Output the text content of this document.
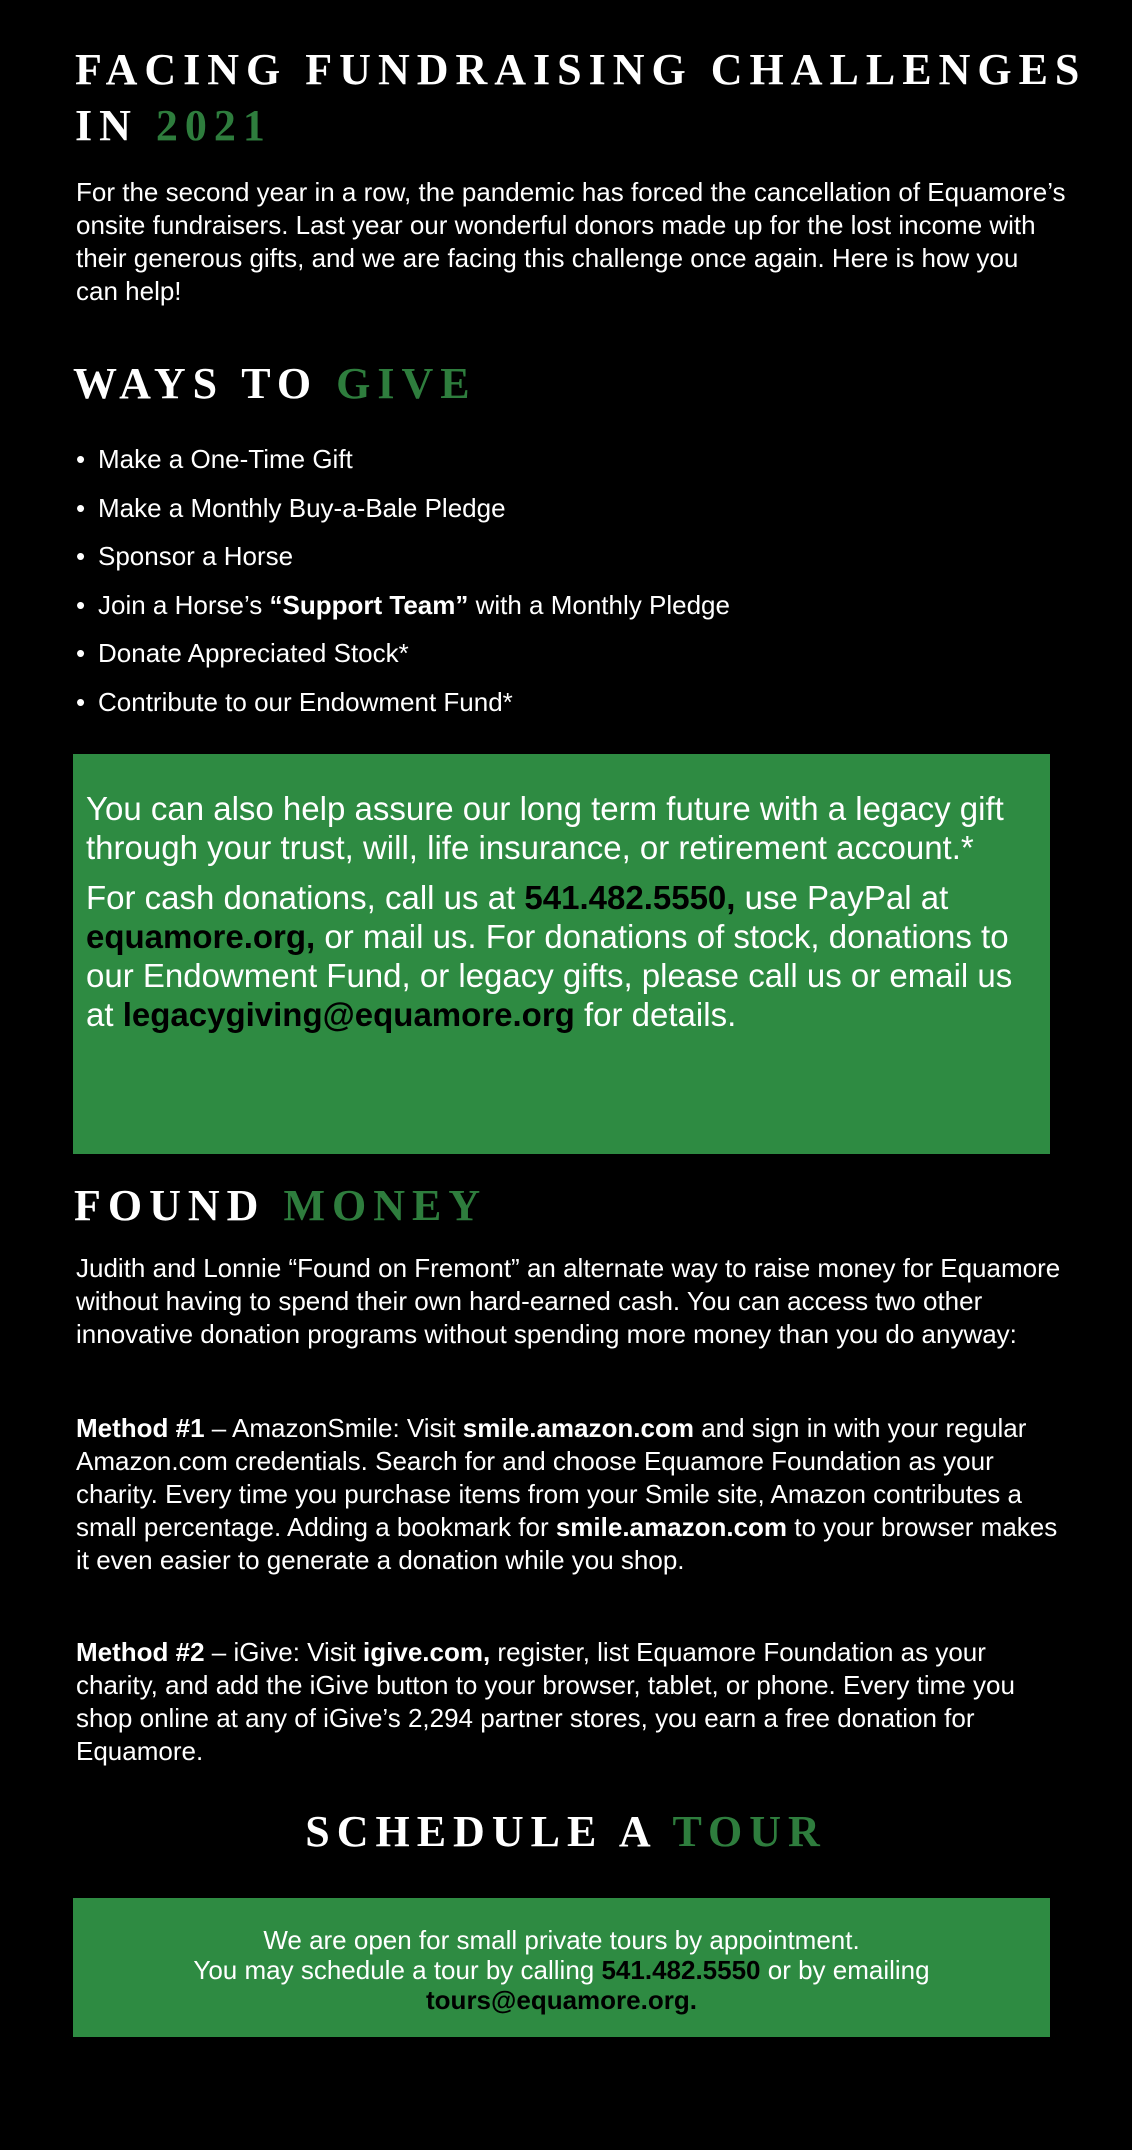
FACING FUNDRAISING CHALLENGES IN 2021

For the second year in a row, the pandemic has forced the cancellation of Equamore’s onsite fundraisers. Last year our wonderful donors made up for the lost income with their generous gifts, and we are facing this challenge once again. Here is how you can help!

WAYS TO GIVE
• Make a One-Time Gift
• Make a Monthly Buy-a-Bale Pledge
• Sponsor a Horse
• Join a Horse’s “Support Team” with a Monthly Pledge
• Donate Appreciated Stock*
• Contribute to our Endowment Fund*

You can also help assure our long term future with a legacy gift through your trust, will, life insurance, or retirement account.*

For cash donations, call us at 541.482.5550, use PayPal at equamore.org, or mail us. For donations of stock, donations to our Endowment Fund, or legacy gifts, please call us or email us at legacygiving@equamore.org for details.

FOUND MONEY

Judith and Lonnie “Found on Fremont” an alternate way to raise money for Equamore without having to spend their own hard-earned cash. You can access two other innovative donation programs without spending more money than you do anyway:

Method #1 – AmazonSmile: Visit smile.amazon.com and sign in with your regular Amazon.com credentials. Search for and choose Equamore Foundation as your charity. Every time you purchase items from your Smile site, Amazon contributes a small percentage. Adding a bookmark for smile.amazon.com to your browser makes it even easier to generate a donation while you shop.

Method #2 – iGive: Visit igive.com, register, list Equamore Foundation as your charity, and add the iGive button to your browser, tablet, or phone. Every time you shop online at any of iGive’s 2,294 partner stores, you earn a free donation for Equamore.

SCHEDULE A TOUR
We are open for small private tours by appointment.
You may schedule a tour by calling 541.482.5550 or by emailing
tours@equamore.org.
